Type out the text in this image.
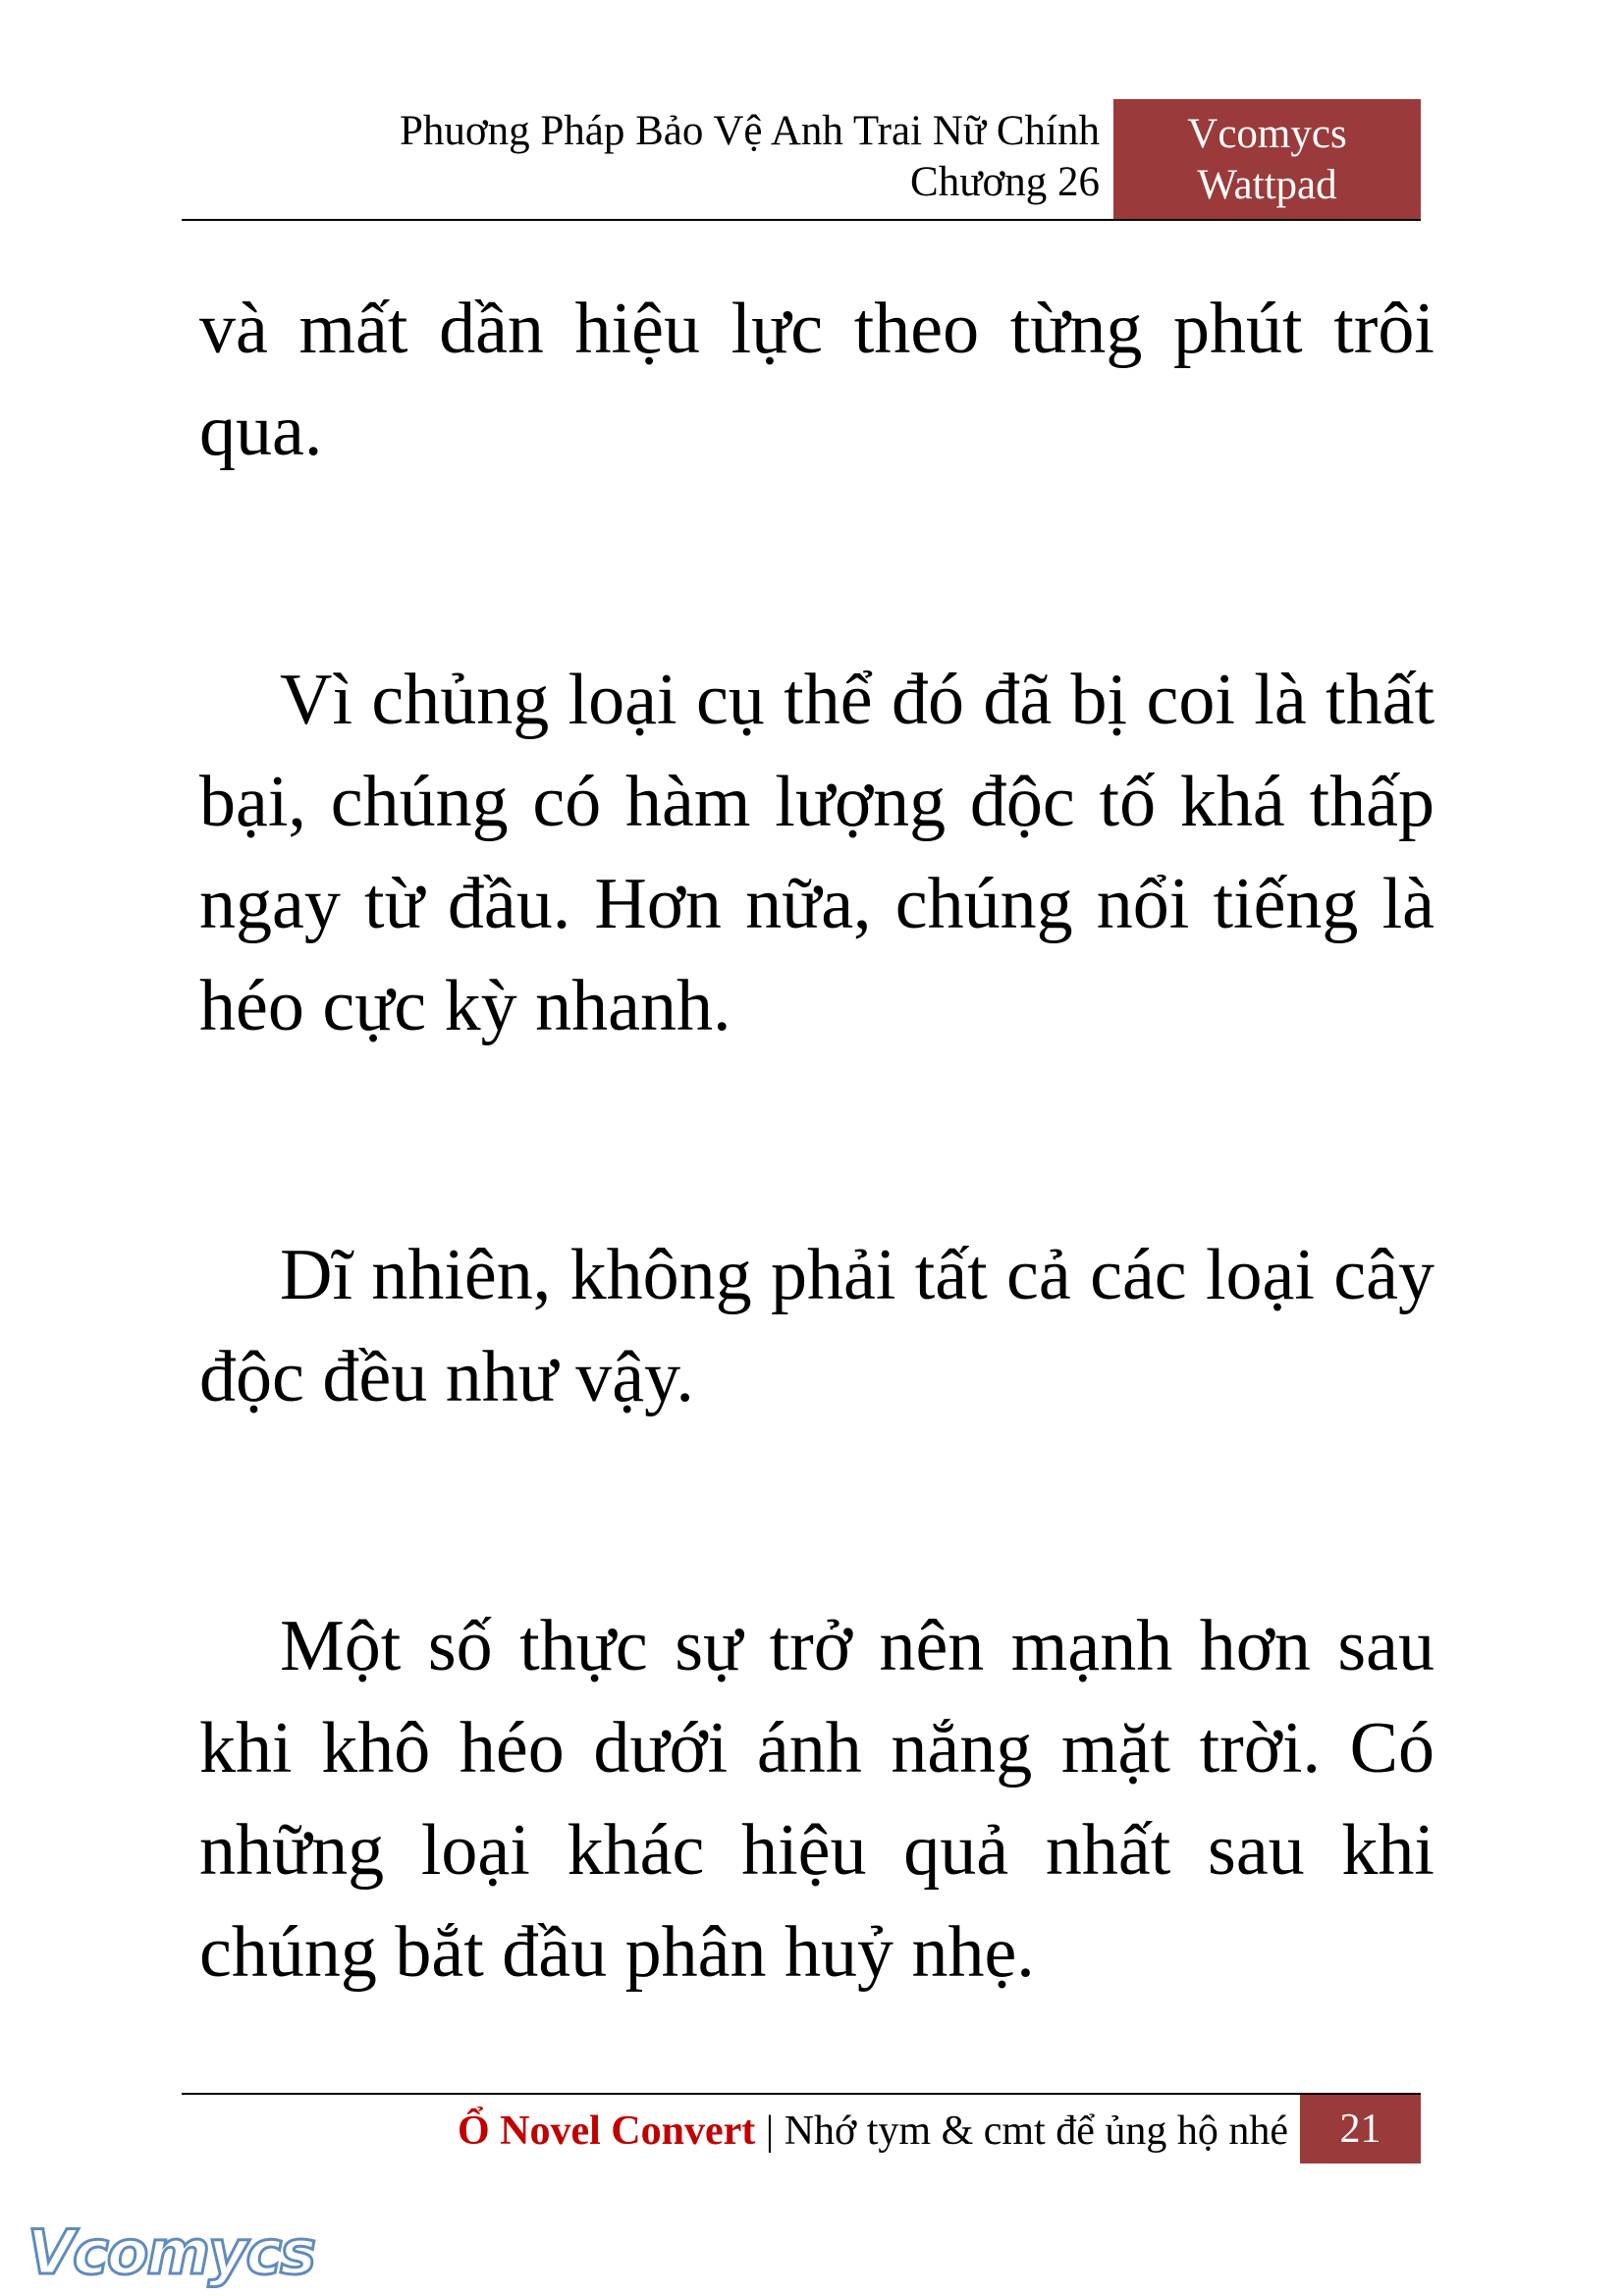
Phuơng Pháp Bảo Vệ Anh Trai Nữ Chính
Chương 26
Vcomycs
Wattpad

và mất dần hiệu lực theo từng phút trôi qua.

Vì chủng loại cụ thể đó đã bị coi là thất bại, chúng có hàm lượng độc tố khá thấp ngay từ đầu. Hơn nữa, chúng nổi tiếng là héo cực kỳ nhanh.

Dĩ nhiên, không phải tất cả các loại cây độc đều như vậy.

Một số thực sự trở nên mạnh hơn sau khi khô héo dưới ánh nắng mặt trời. Có những loại khác hiệu quả nhất sau khi chúng bắt đầu phân huỷ nhẹ.

Ổ Novel Convert | Nhớ tym & cmt để ủng hộ nhé	21
Vcomycs
